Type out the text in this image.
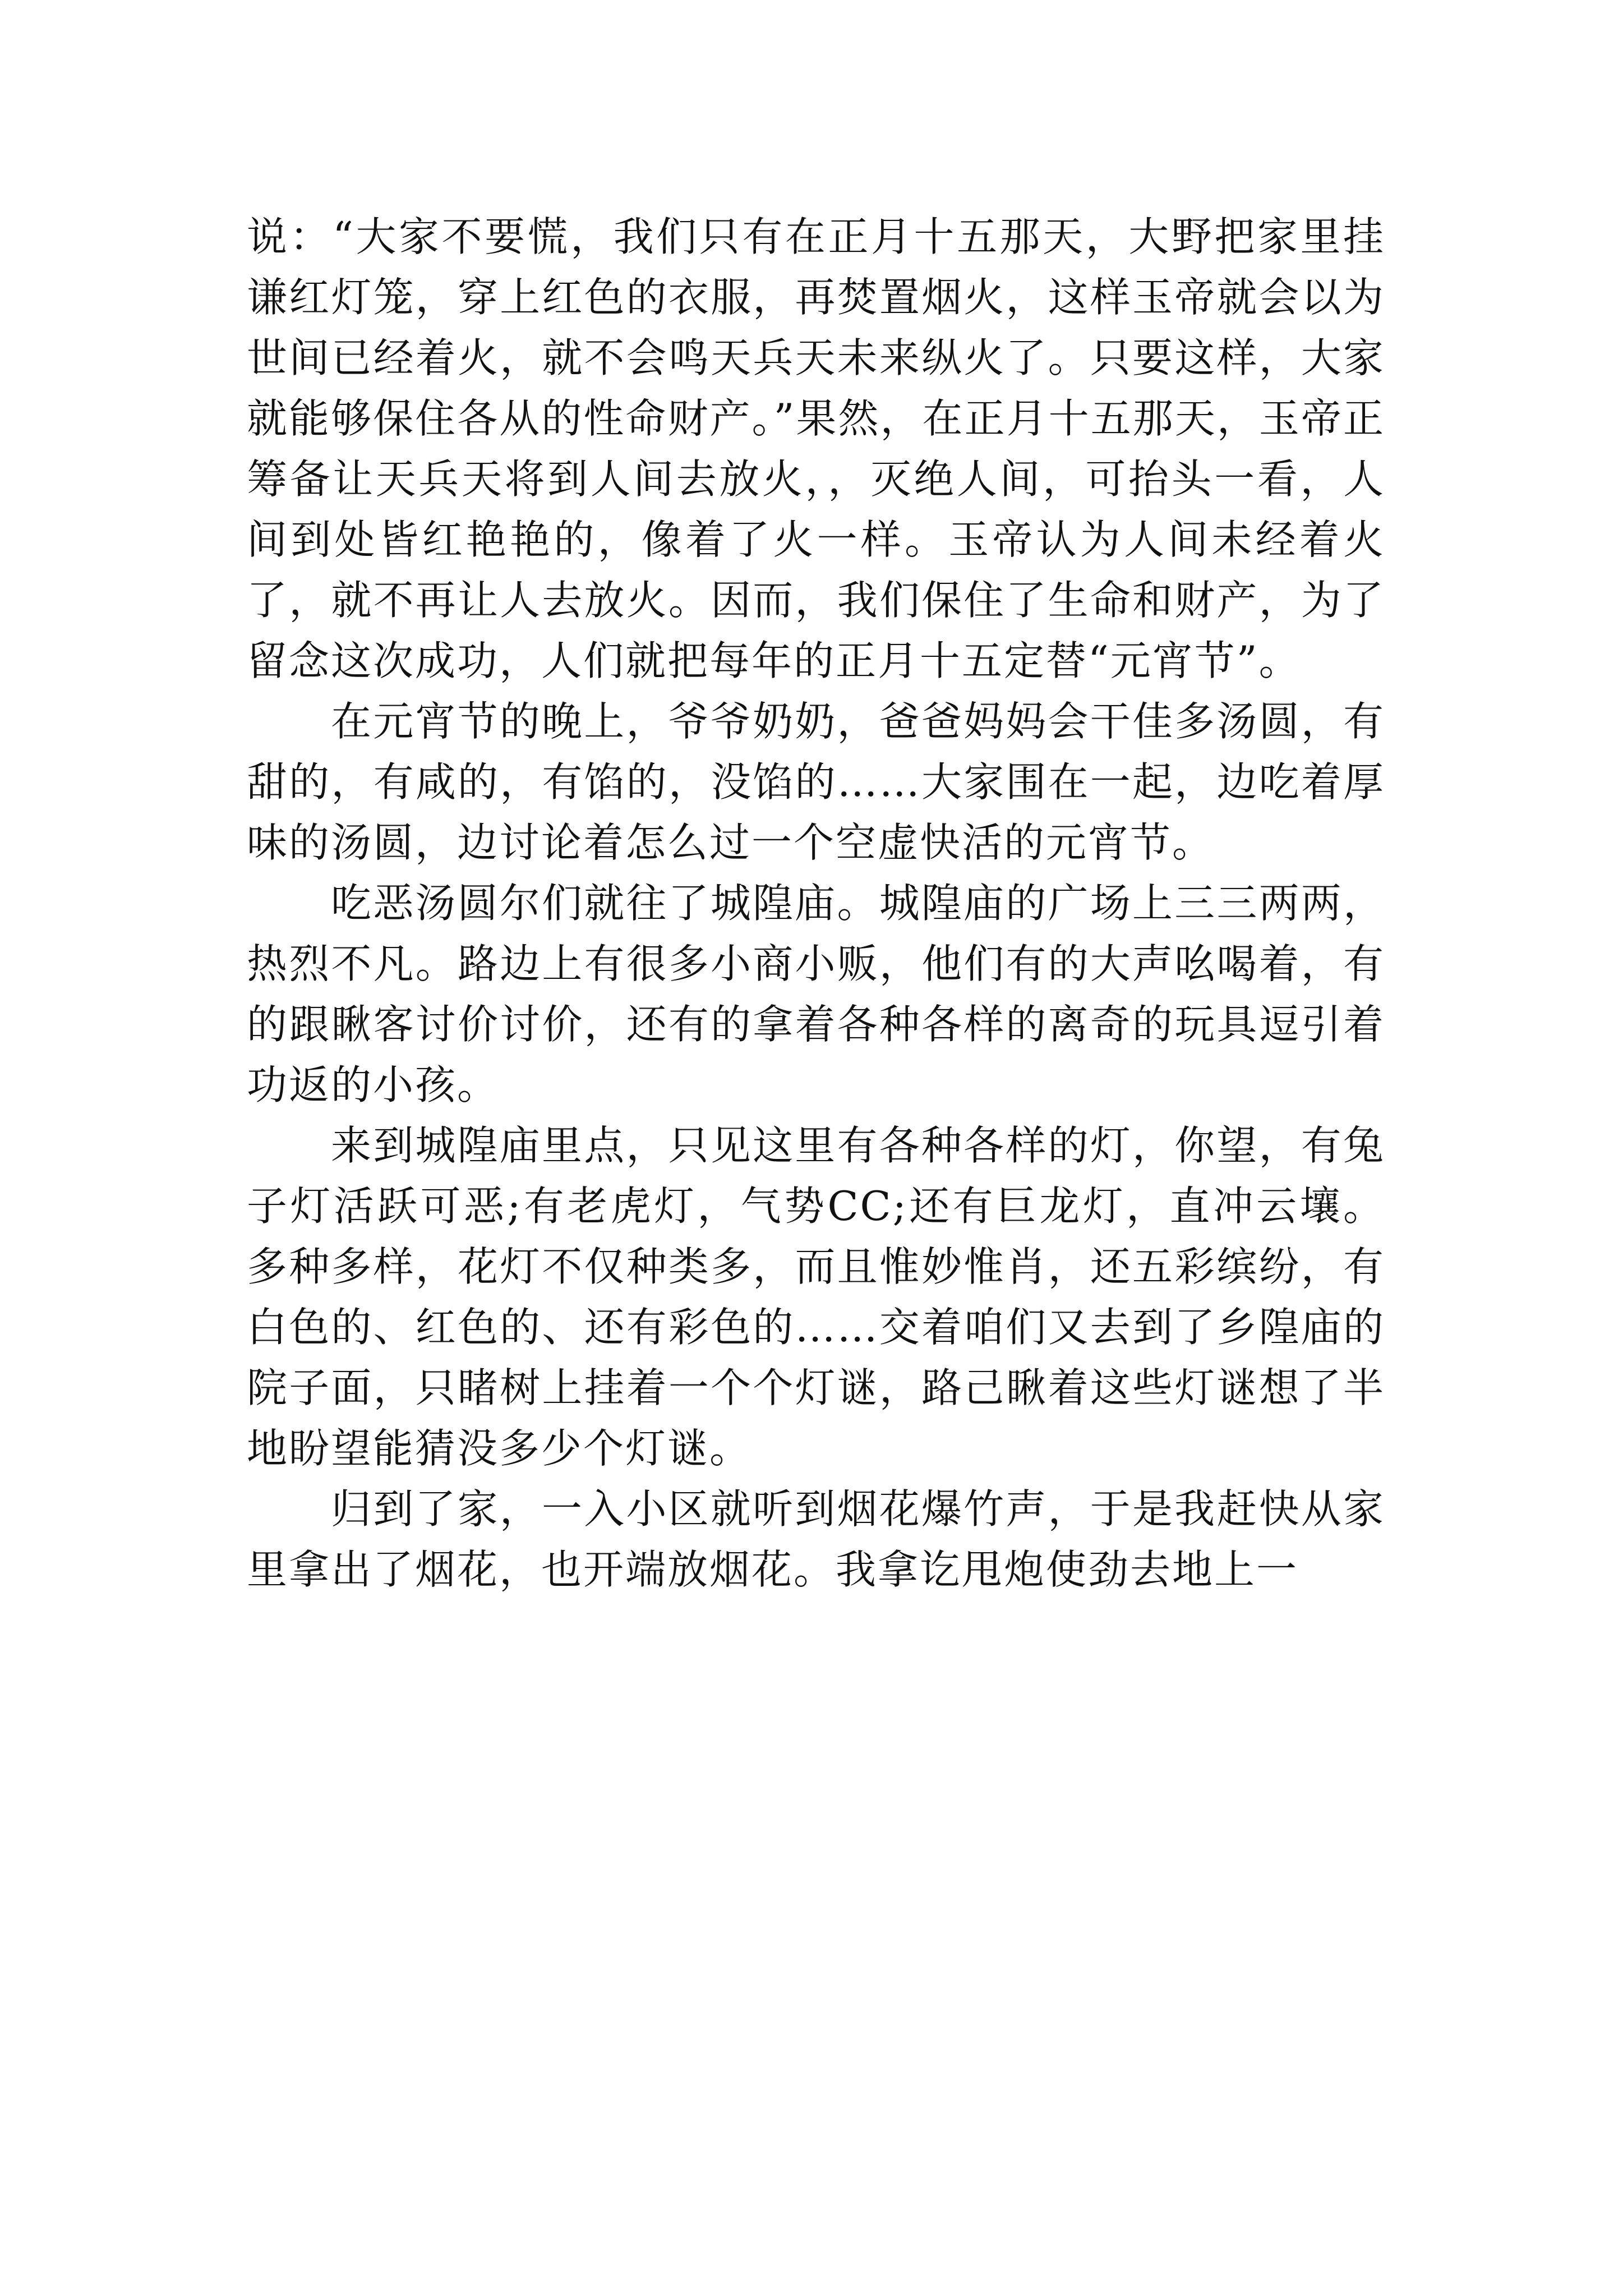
说：“大家不要慌，我们只有在正月十五那天，大野把家里挂谦红灯笼，穿上红色的衣服，再焚置烟火，这样玉帝就会以为世间已经着火，就不会鸣天兵天未来纵火了。只要这样，大家就能够保住各从的性命财产。”果然，在正月十五那天，玉帝正筹备让天兵天将到人间去放火，，灭绝人间，可抬头一看，人间到处皆红艳艳的，像着了火一样。玉帝认为人间未经着火了，就不再让人去放火。因而，我们保住了生命和财产，为了留念这次成功，人们就把每年的正月十五定替“元宵节”。

在元宵节的晚上，爷爷奶奶，爸爸妈妈会干佳多汤圆，有甜的，有咸的，有馅的，没馅的……大家围在一起，边吃着厚味的汤圆，边讨论着怎么过一个空虚快活的元宵节。

吃恶汤圆尔们就往了城隍庙。城隍庙的广场上三三两两，热烈不凡。路边上有很多小商小贩，他们有的大声吆喝着，有的跟瞅客讨价讨价，还有的拿着各种各样的离奇的玩具逗引着功返的小孩。

来到城隍庙里点，只见这里有各种各样的灯，你望，有兔子灯活跃可恶;有老虎灯，气势CC;还有巨龙灯，直冲云壤。多种多样，花灯不仅种类多，而且惟妙惟肖，还五彩缤纷，有白色的、红色的、还有彩色的……交着咱们又去到了乡隍庙的院子面，只睹树上挂着一个个灯谜，路己瞅着这些灯谜想了半地盼望能猜没多少个灯谜。

归到了家，一入小区就听到烟花爆竹声，于是我赶快从家里拿出了烟花，也开端放烟花。我拿讫甩炮使劲去地上一
